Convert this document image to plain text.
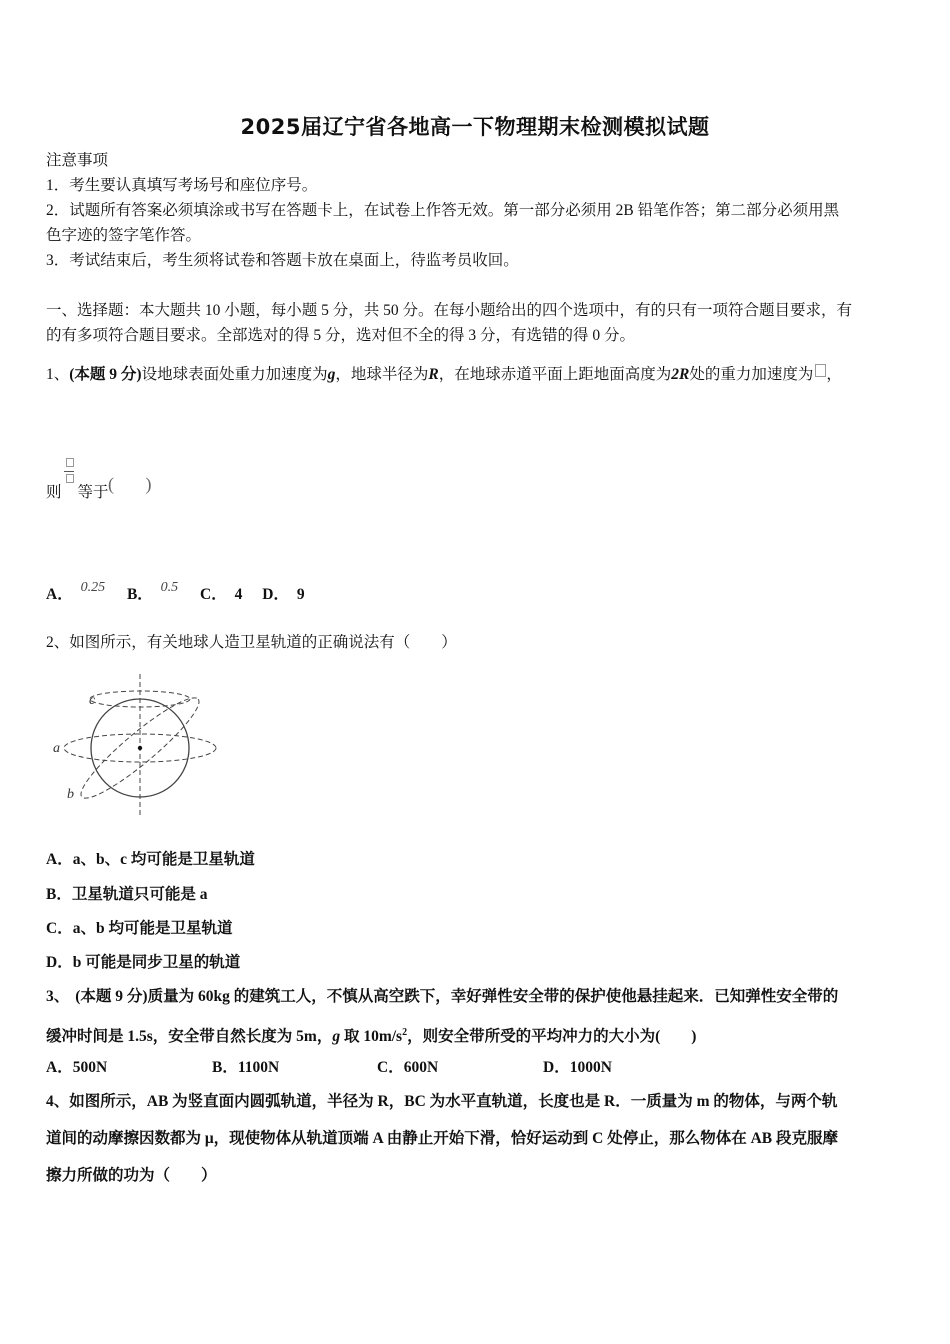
2025届辽宁省各地高一下物理期末检测模拟试题
注意事项
1．考生要认真填写考场号和座位序号。
2．试题所有答案必须填涂或书写在答题卡上，在试卷上作答无效。第一部分必须用 2B 铅笔作答；第二部分必须用黑
色字迹的签字笔作答。
3．考试结束后，考生须将试卷和答题卡放在桌面上，待监考员收回。
一、选择题：本大题共 10 小题，每小题 5 分，共 50 分。在每小题给出的四个选项中，有的只有一项符合题目要求，有
的有多项符合题目要求。全部选对的得 5 分，选对但不全的得 3 分，有选错的得 0 分。
1、(本题 9 分)设地球表面处重力加速度为g，地球半径为R，在地球赤道平面上距地面高度为2R处的重力加速度为 ，
则 等于 (       )
A． 0.25 B． 0.5 C． 4 D． 9
2、如图所示，有关地球人造卫星轨道的正确说法有（　　）
c
a
b
A．a、b、c 均可能是卫星轨道
B．卫星轨道只可能是 a
C．a、b 均可能是卫星轨道
D．b 可能是同步卫星的轨道
3、 (本题 9 分)质量为 60kg 的建筑工人，不慎从高空跌下，幸好弹性安全带的保护使他悬挂起来．已知弹性安全带的
缓冲时间是 1.5s，安全带自然长度为 5m，g 取 $10m/s^2$，则安全带所受的平均冲力的大小为(　　)
A．500N	B．1100N	C．600N	D．1000N
4、如图所示，AB 为竖直面内圆弧轨道，半径为 R，BC 为水平直轨道，长度也是 R．一质量为 m 的物体，与两个轨
道间的动摩擦因数都为 μ，现使物体从轨道顶端 A 由静止开始下滑，恰好运动到 C 处停止，那么物体在 AB 段克服摩
擦力所做的功为（　　）
